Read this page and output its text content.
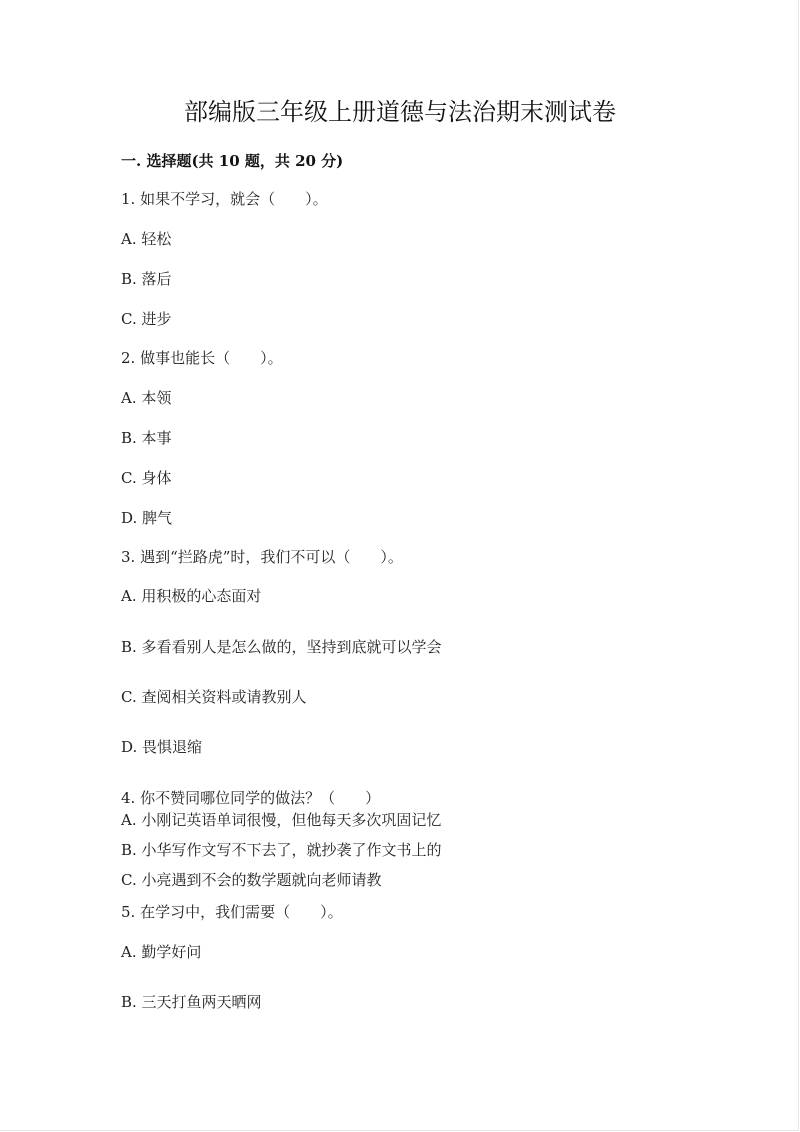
部编版三年级上册道德与法治期末测试卷
一. 选择题(共 10 题，共 20 分)
1. 如果不学习，就会（　　）。
A. 轻松
B. 落后
C. 进步
2. 做事也能长（　　）。
A. 本领
B. 本事
C. 身体
D. 脾气
3. 遇到“拦路虎”时，我们不可以（　　）。
A. 用积极的心态面对
B. 多看看别人是怎么做的，坚持到底就可以学会
C. 查阅相关资料或请教别人
D. 畏惧退缩
4. 你不赞同哪位同学的做法？（　　）
A. 小刚记英语单词很慢，但他每天多次巩固记忆
B. 小华写作文写不下去了，就抄袭了作文书上的
C. 小亮遇到不会的数学题就向老师请教
5. 在学习中，我们需要（　　）。
A. 勤学好问
B. 三天打鱼两天晒网
